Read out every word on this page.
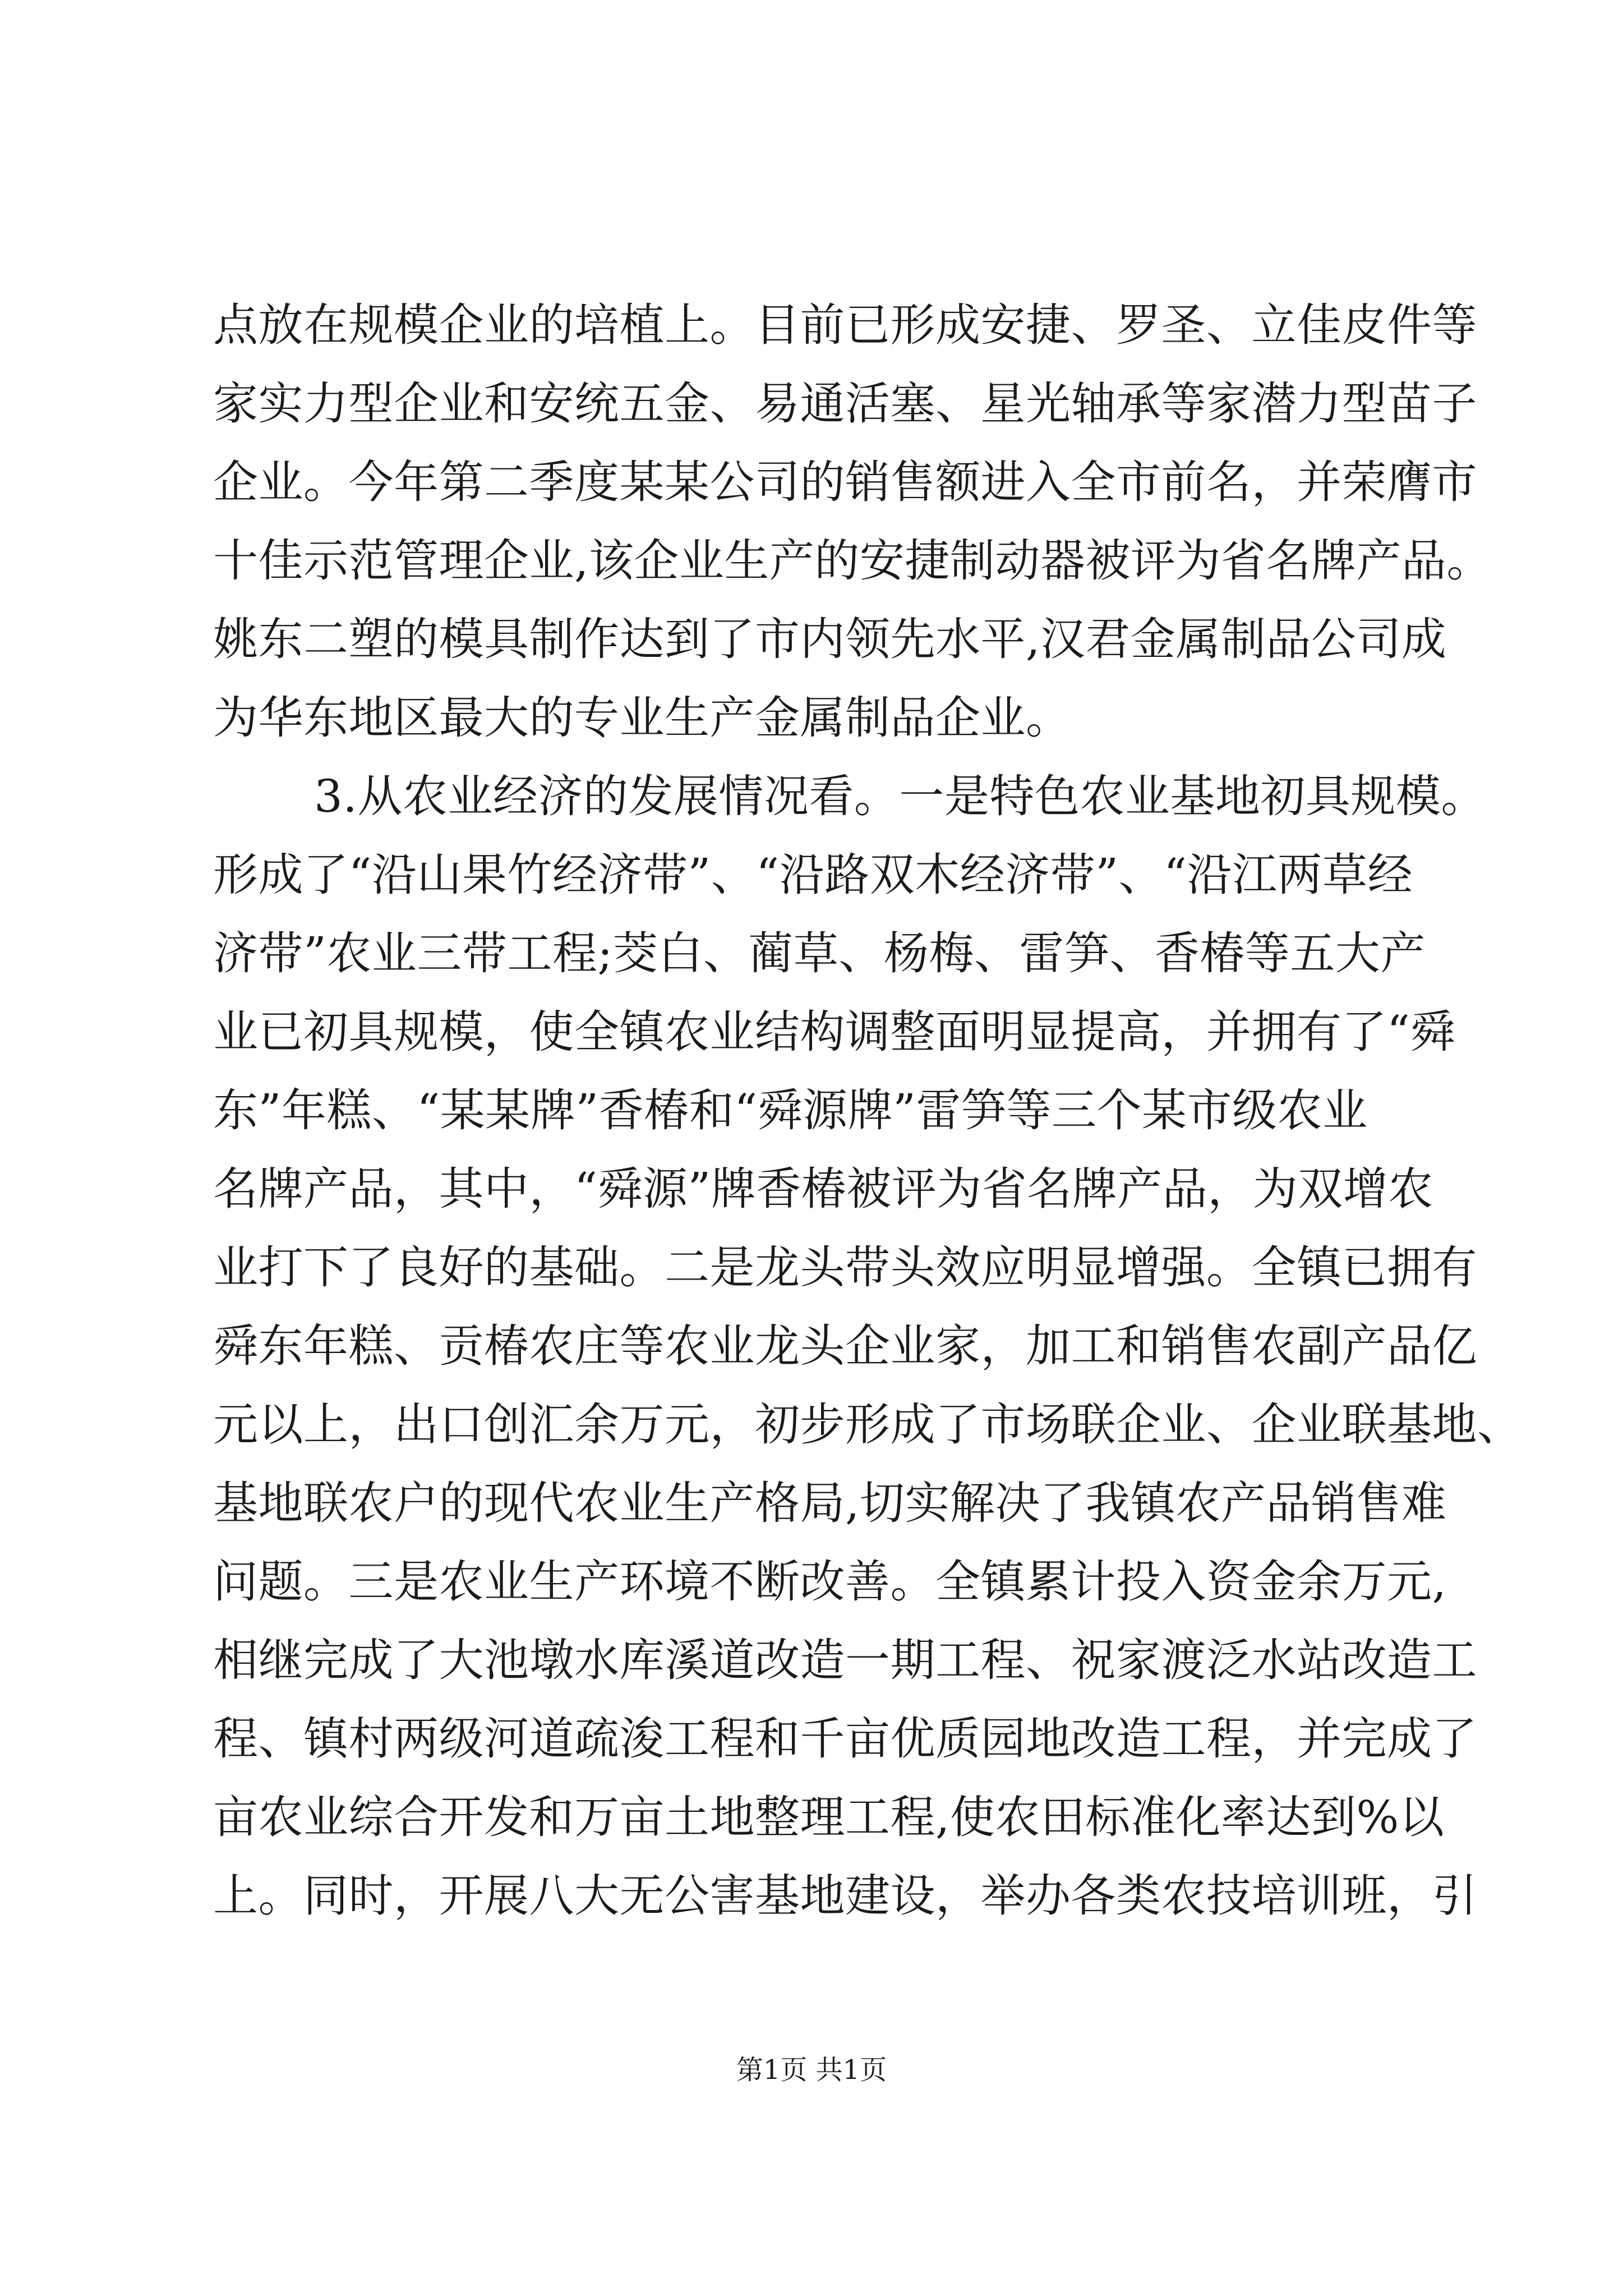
点放在规模企业的培植上。目前已形成安捷、罗圣、立佳皮件等
家实力型企业和安统五金、易通活塞、星光轴承等家潜力型苗子
企业。今年第二季度某某公司的销售额进入全市前名，并荣膺市
十佳示范管理企业,该企业生产的安捷制动器被评为省名牌产品。
姚东二塑的模具制作达到了市内领先水平,汉君金属制品公司成
为华东地区最大的专业生产金属制品企业。
3.从农业经济的发展情况看。一是特色农业基地初具规模。
形成了“沿山果竹经济带”、“沿路双木经济带”、“沿江两草经
济带”农业三带工程;茭白、蔺草、杨梅、雷笋、香椿等五大产
业已初具规模，使全镇农业结构调整面明显提高，并拥有了“舜
东”年糕、“某某牌”香椿和“舜源牌”雷笋等三个某市级农业
名牌产品，其中，“舜源”牌香椿被评为省名牌产品，为双增农
业打下了良好的基础。二是龙头带头效应明显增强。全镇已拥有
舜东年糕、贡椿农庄等农业龙头企业家，加工和销售农副产品亿
元以上，出口创汇余万元，初步形成了市场联企业、企业联基地、
基地联农户的现代农业生产格局,切实解决了我镇农产品销售难
问题。三是农业生产环境不断改善。全镇累计投入资金余万元,
相继完成了大池墩水库溪道改造一期工程、祝家渡泛水站改造工
程、镇村两级河道疏浚工程和千亩优质园地改造工程，并完成了
亩农业综合开发和万亩土地整理工程,使农田标准化率达到%以
上。同时，开展八大无公害基地建设，举办各类农技培训班，引
第1页 共1页
